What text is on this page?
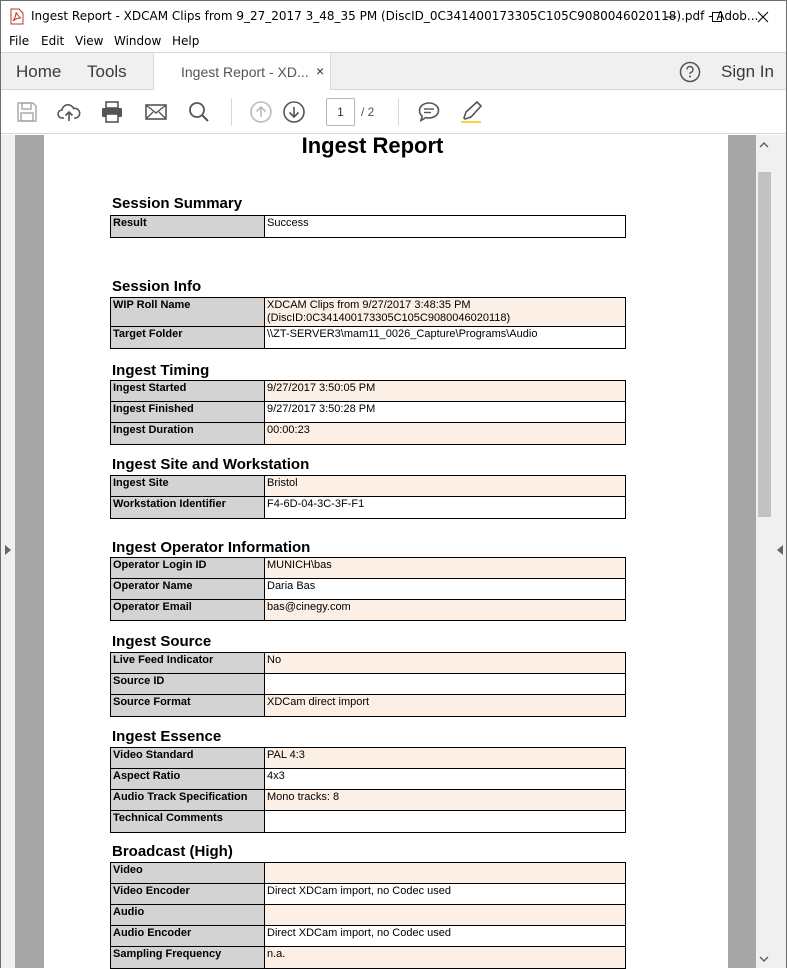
Ingest Report - XDCAM Clips from 9_27_2017 3_48_35 PM (DiscID_0C341400173305C105C9080046020118).pdf - Adob...
File Edit View Window Help
Home Tools	Ingest Report - XD... ×	Sign In
1	/ 2
Ingest Report
Session Summary
Result	Success
Session Info
WIP Roll Name	XDCAM Clips from 9/27/2017 3:48:35 PM (DiscID:0C341400173305C105C9080046020118)
Target Folder	\\ZT-SERVER3\mam11_0026_Capture\Programs\Audio
Ingest Timing
Ingest Started	9/27/2017 3:50:05 PM
Ingest Finished	9/27/2017 3:50:28 PM
Ingest Duration	00:00:23
Ingest Site and Workstation
Ingest Site	Bristol
Workstation Identifier	F4-6D-04-3C-3F-F1
Ingest Operator Information
Operator Login ID	MUNICH\bas
Operator Name	Daria Bas
Operator Email	bas@cinegy.com
Ingest Source
Live Feed Indicator	No
Source ID
Source Format	XDCam direct import
Ingest Essence
Video Standard	PAL 4:3
Aspect Ratio	4x3
Audio Track Specification	Mono tracks: 8
Technical Comments
Broadcast (High)
Video
Video Encoder	Direct XDCam import, no Codec used
Audio
Audio Encoder	Direct XDCam import, no Codec used
Sampling Frequency	n.a.
